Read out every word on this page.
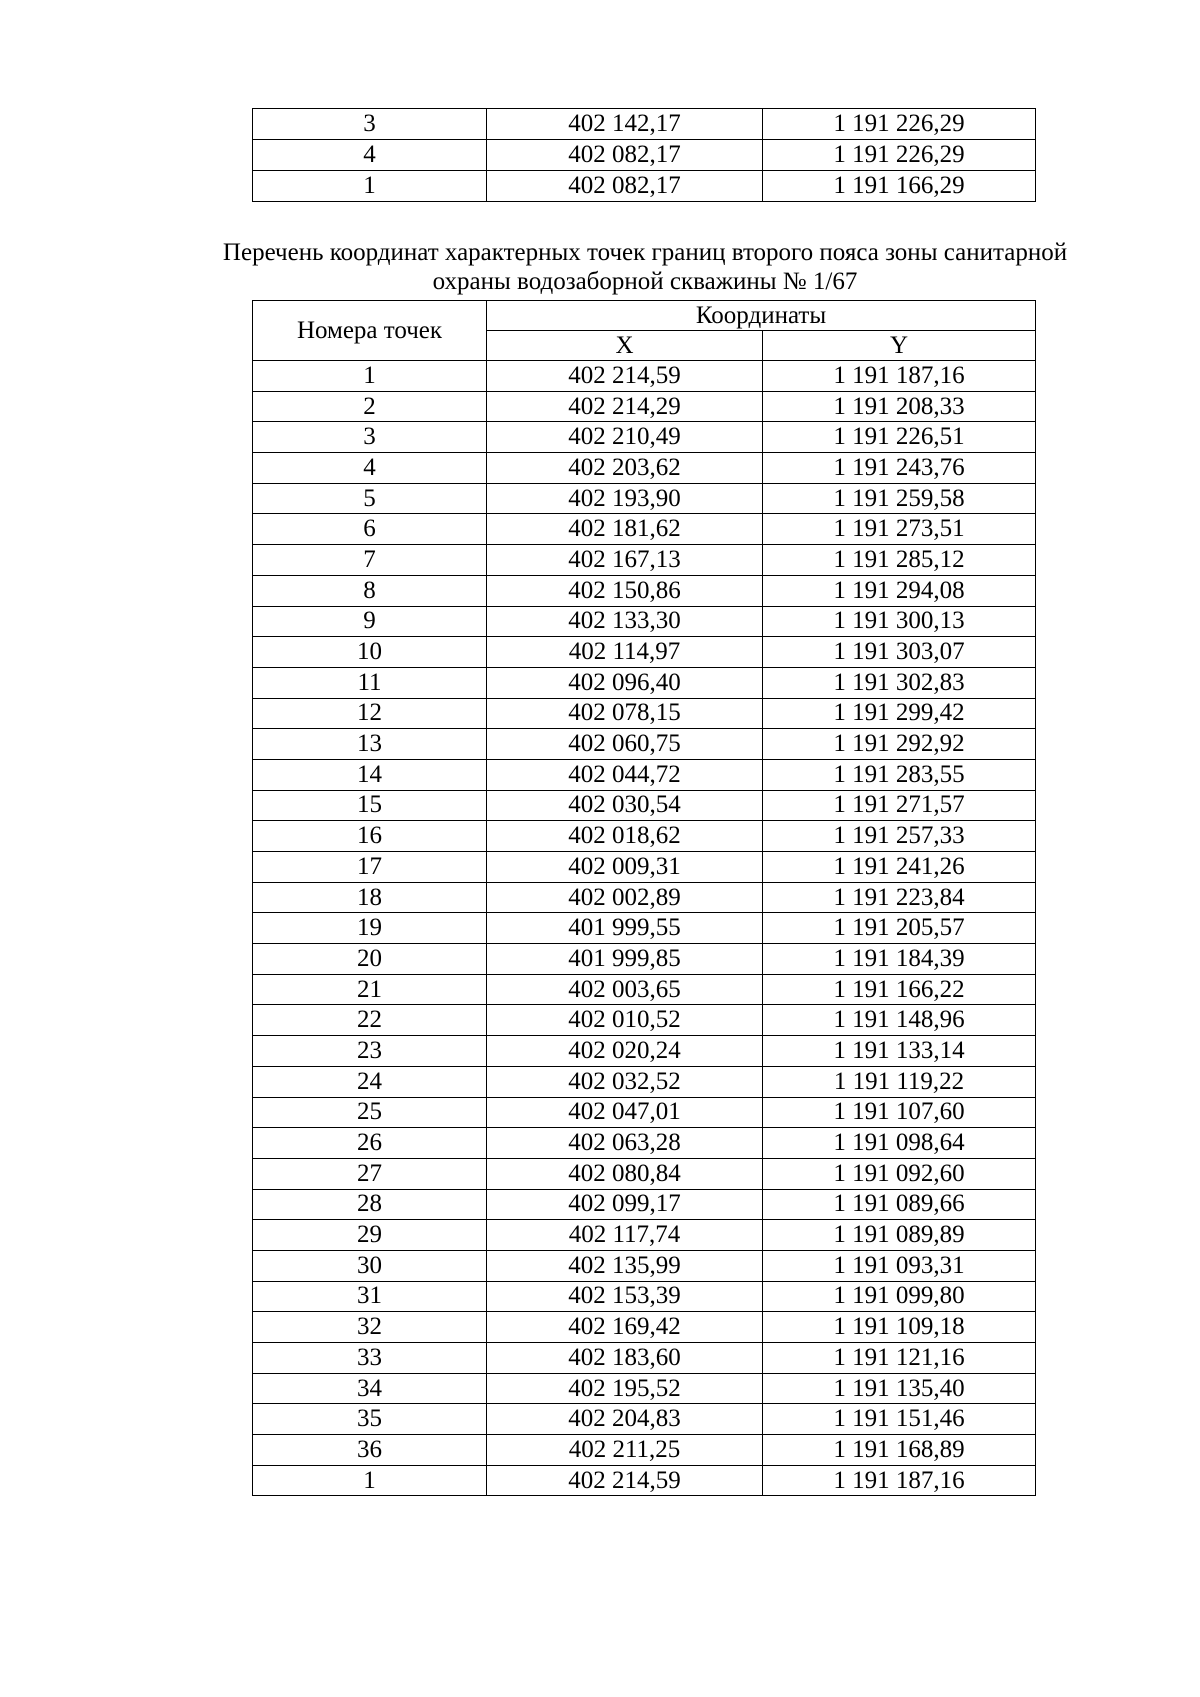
3	402 142,17	1 191 226,29
4	402 082,17	1 191 226,29
1	402 082,17	1 191 166,29
Перечень координат характерных точек границ второго пояса зоны санитарной
охраны водозаборной скважины № 1/67
Номера точек	Координаты	
	X	Y
1	402 214,59	1 191 187,16
2	402 214,29	1 191 208,33
3	402 210,49	1 191 226,51
4	402 203,62	1 191 243,76
5	402 193,90	1 191 259,58
6	402 181,62	1 191 273,51
7	402 167,13	1 191 285,12
8	402 150,86	1 191 294,08
9	402 133,30	1 191 300,13
10	402 114,97	1 191 303,07
11	402 096,40	1 191 302,83
12	402 078,15	1 191 299,42
13	402 060,75	1 191 292,92
14	402 044,72	1 191 283,55
15	402 030,54	1 191 271,57
16	402 018,62	1 191 257,33
17	402 009,31	1 191 241,26
18	402 002,89	1 191 223,84
19	401 999,55	1 191 205,57
20	401 999,85	1 191 184,39
21	402 003,65	1 191 166,22
22	402 010,52	1 191 148,96
23	402 020,24	1 191 133,14
24	402 032,52	1 191 119,22
25	402 047,01	1 191 107,60
26	402 063,28	1 191 098,64
27	402 080,84	1 191 092,60
28	402 099,17	1 191 089,66
29	402 117,74	1 191 089,89
30	402 135,99	1 191 093,31
31	402 153,39	1 191 099,80
32	402 169,42	1 191 109,18
33	402 183,60	1 191 121,16
34	402 195,52	1 191 135,40
35	402 204,83	1 191 151,46
36	402 211,25	1 191 168,89
1	402 214,59	1 191 187,16
